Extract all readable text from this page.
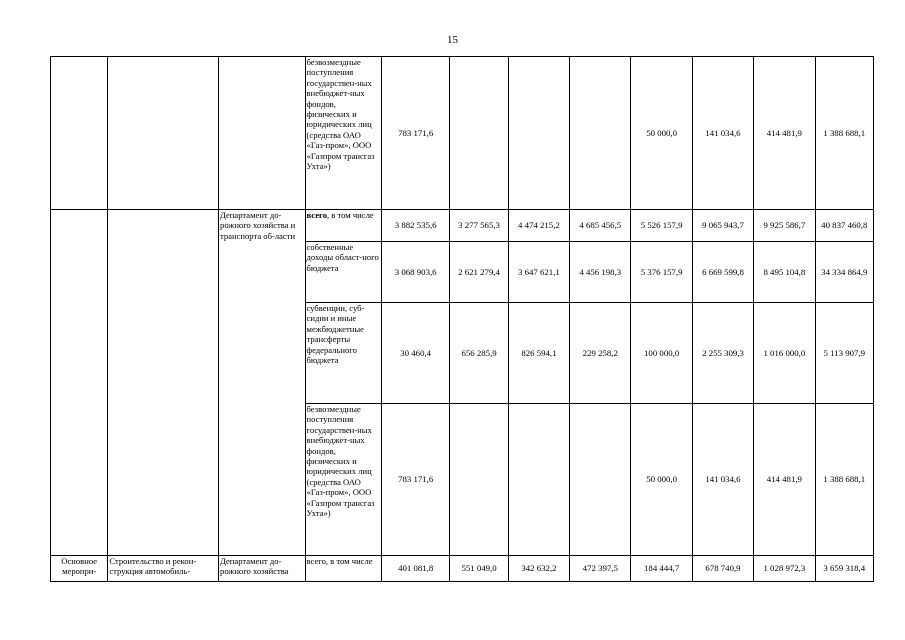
15
			безвозмездные поступления государствен-ных внебюджет-ных фондов, физических и юридических лиц (средства ОАО «Газ-пром», ООО «Газпром трансгаз Ухта»)	783 171,6				50 000,0	141 034,6	414 481,9	1 388 688,1
		Департамент до-рожного хозяйства и транспорта об-ласти	всего, в том числе	3 882 535,6	3 277 565,3	4 474 215,2	4 685 456,5	5 526 157,9	9 065 943,7	9 925 586,7	40 837 460,8
			собственные доходы област-ного бюджета	3 068 903,6	2 621 279,4	3 647 621,1	4 456 198,3	5 376 157,9	6 669 599,8	8 495 104,8	34 334 864,9
			субвенции, суб-сидии и иные межбюджетные трансферты федерального бюджета	30 460,4	656 285,9	826 594,1	229 258,2	100 000,0	2 255 309,3	1 016 000,0	5 113 907,9
			безвозмездные поступления государствен-ных внебюджет-ных фондов, физических и юридических лиц (средства ОАО «Газ-пром», ООО «Газпром трансгаз Ухта»)	783 171,6				50 000,0	141 034,6	414 481,9	1 388 688,1
Основное меропри-	Строительство и рекон-струкция автомобиль-	Департамент до-рожного хозяйства	всего, в том числе	401 081,8	551 049,0	342 632,2	472 397,5	184 444,7	678 740,9	1 028 972,3	3 659 318,4
